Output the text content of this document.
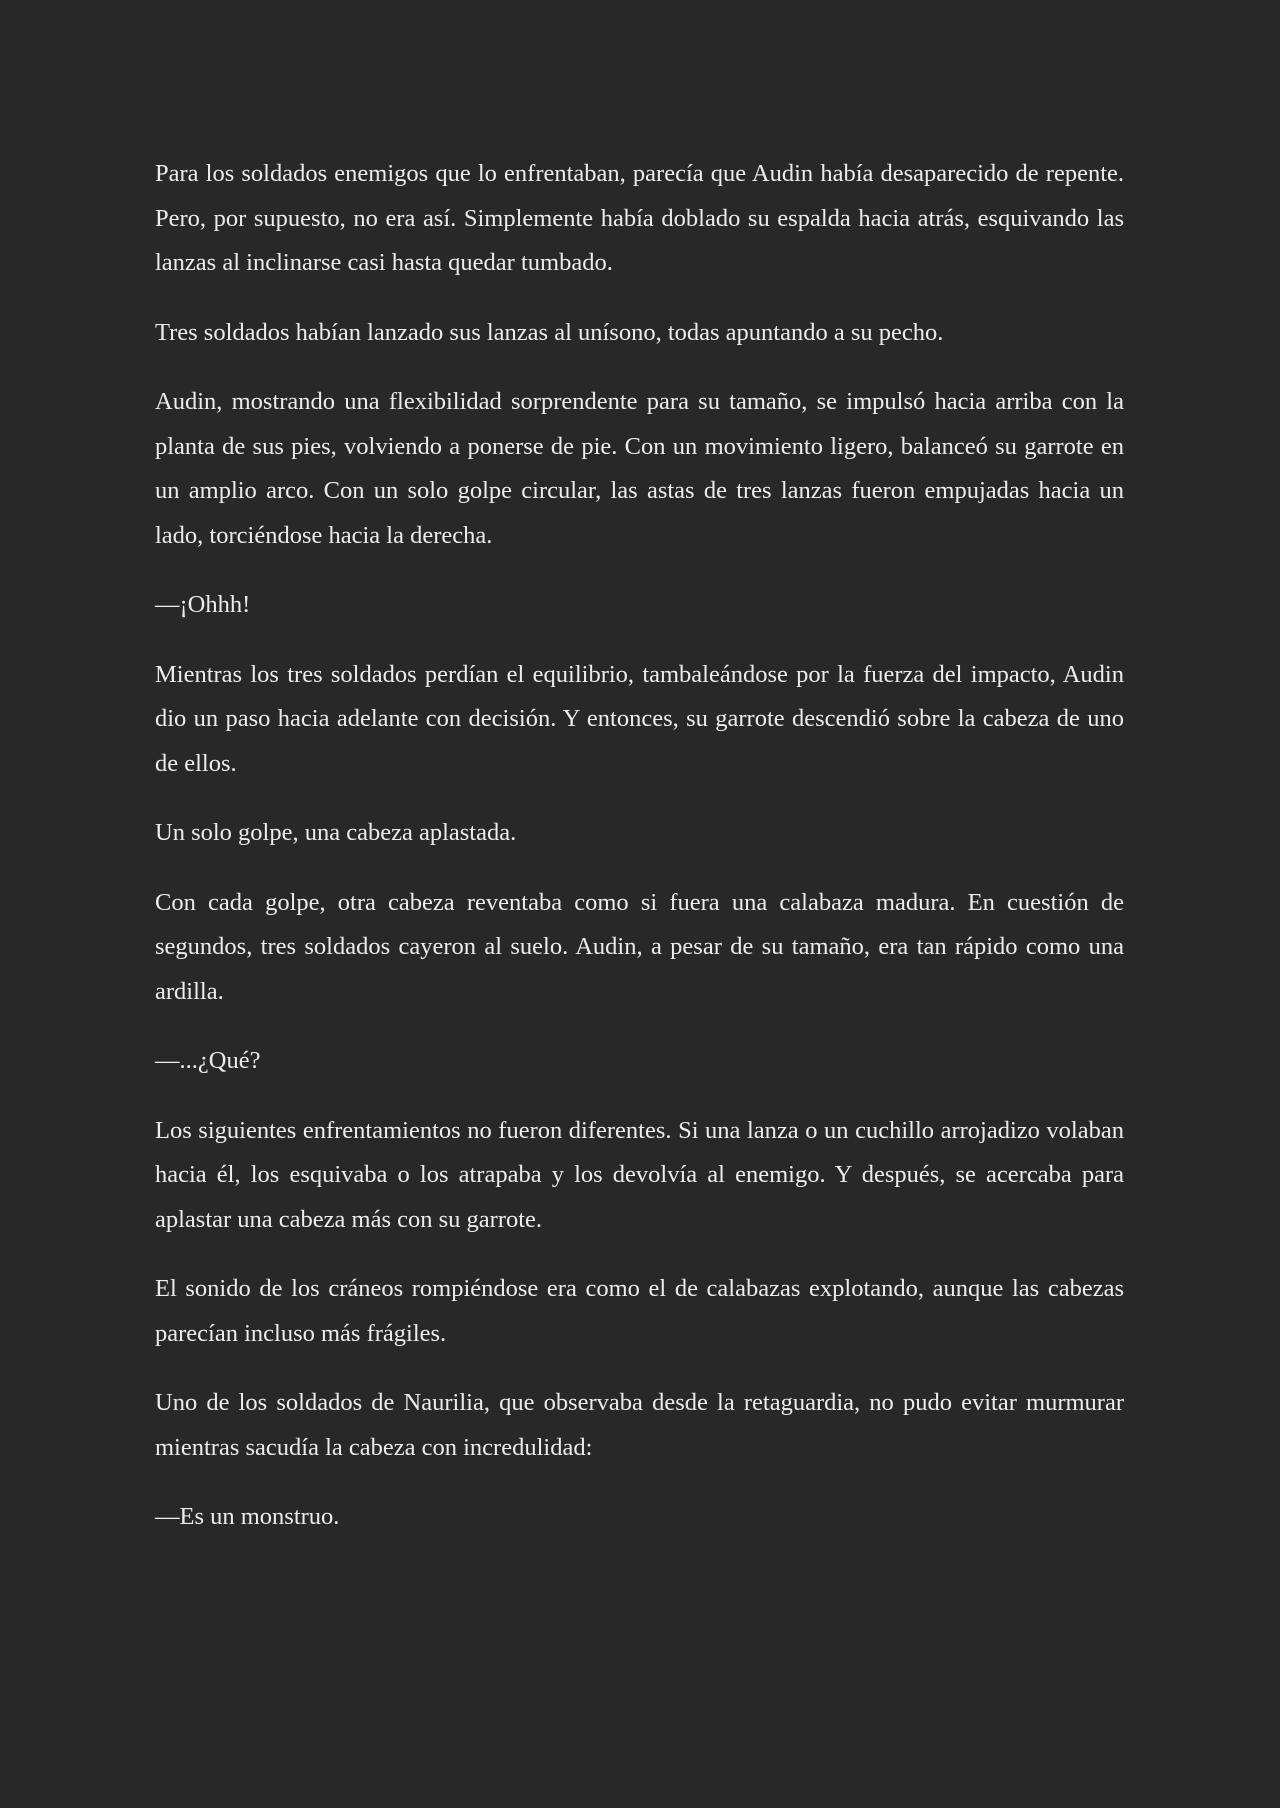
Para los soldados enemigos que lo enfrentaban, parecía que Audin había desaparecido de repente. Pero, por supuesto, no era así. Simplemente había doblado su espalda hacia atrás, esquivando las lanzas al inclinarse casi hasta quedar tumbado.

Tres soldados habían lanzado sus lanzas al unísono, todas apuntando a su pecho.

Audin, mostrando una flexibilidad sorprendente para su tamaño, se impulsó hacia arriba con la planta de sus pies, volviendo a ponerse de pie. Con un movimiento ligero, balanceó su garrote en un amplio arco. Con un solo golpe circular, las astas de tres lanzas fueron empujadas hacia un lado, torciéndose hacia la derecha.

—¡Ohhh!

Mientras los tres soldados perdían el equilibrio, tambaleándose por la fuerza del impacto, Audin dio un paso hacia adelante con decisión. Y entonces, su garrote descendió sobre la cabeza de uno de ellos.

Un solo golpe, una cabeza aplastada.

Con cada golpe, otra cabeza reventaba como si fuera una calabaza madura. En cuestión de segundos, tres soldados cayeron al suelo. Audin, a pesar de su tamaño, era tan rápido como una ardilla.

—...¿Qué?

Los siguientes enfrentamientos no fueron diferentes. Si una lanza o un cuchillo arrojadizo volaban hacia él, los esquivaba o los atrapaba y los devolvía al enemigo. Y después, se acercaba para aplastar una cabeza más con su garrote.

El sonido de los cráneos rompiéndose era como el de calabazas explotando, aunque las cabezas parecían incluso más frágiles.

Uno de los soldados de Naurilia, que observaba desde la retaguardia, no pudo evitar murmurar mientras sacudía la cabeza con incredulidad:

—Es un monstruo.
